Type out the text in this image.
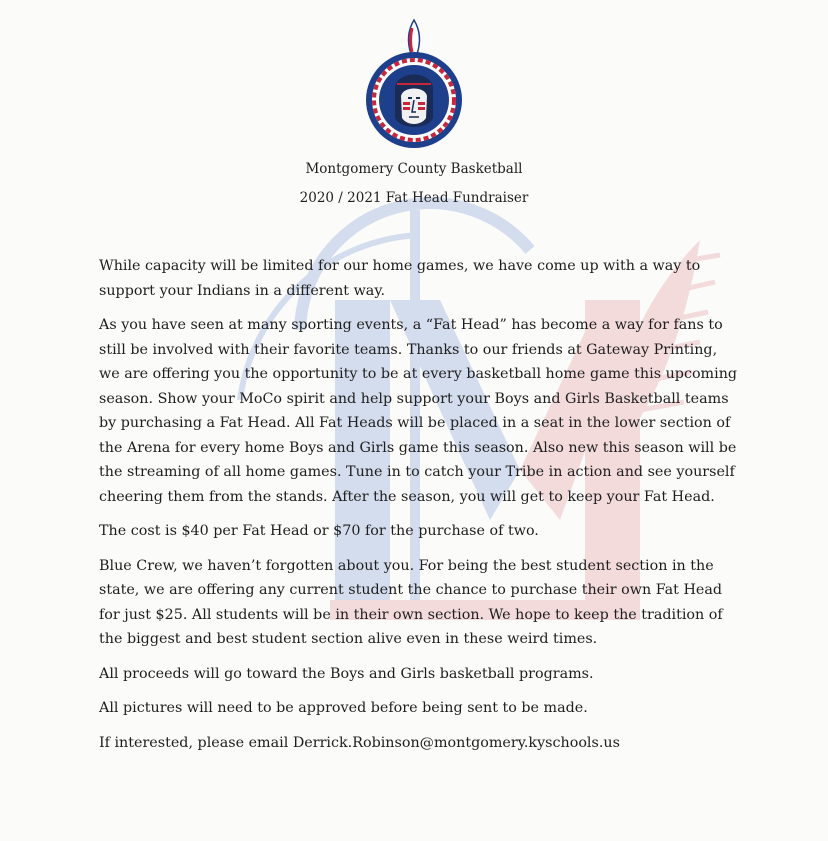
Montgomery County Basketball
2020 / 2021 Fat Head Fundraiser

While capacity will be limited for our home games, we have come up with a way to support your Indians in a different way.

As you have seen at many sporting events, a “Fat Head” has become a way for fans to still be involved with their favorite teams. Thanks to our friends at Gateway Printing, we are offering you the opportunity to be at every basketball home game this upcoming season. Show your MoCo spirit and help support your Boys and Girls Basketball teams by purchasing a Fat Head. All Fat Heads will be placed in a seat in the lower section of the Arena for every home Boys and Girls game this season. Also new this season will be the streaming of all home games. Tune in to catch your Tribe in action and see yourself cheering them from the stands. After the season, you will get to keep your Fat Head.

The cost is $40 per Fat Head or $70 for the purchase of two.

Blue Crew, we haven’t forgotten about you. For being the best student section in the state, we are offering any current student the chance to purchase their own Fat Head for just $25. All students will be in their own section. We hope to keep the tradition of the biggest and best student section alive even in these weird times.

All proceeds will go toward the Boys and Girls basketball programs.

All pictures will need to be approved before being sent to be made.

If interested, please email Derrick.Robinson@montgomery.kyschools.us
